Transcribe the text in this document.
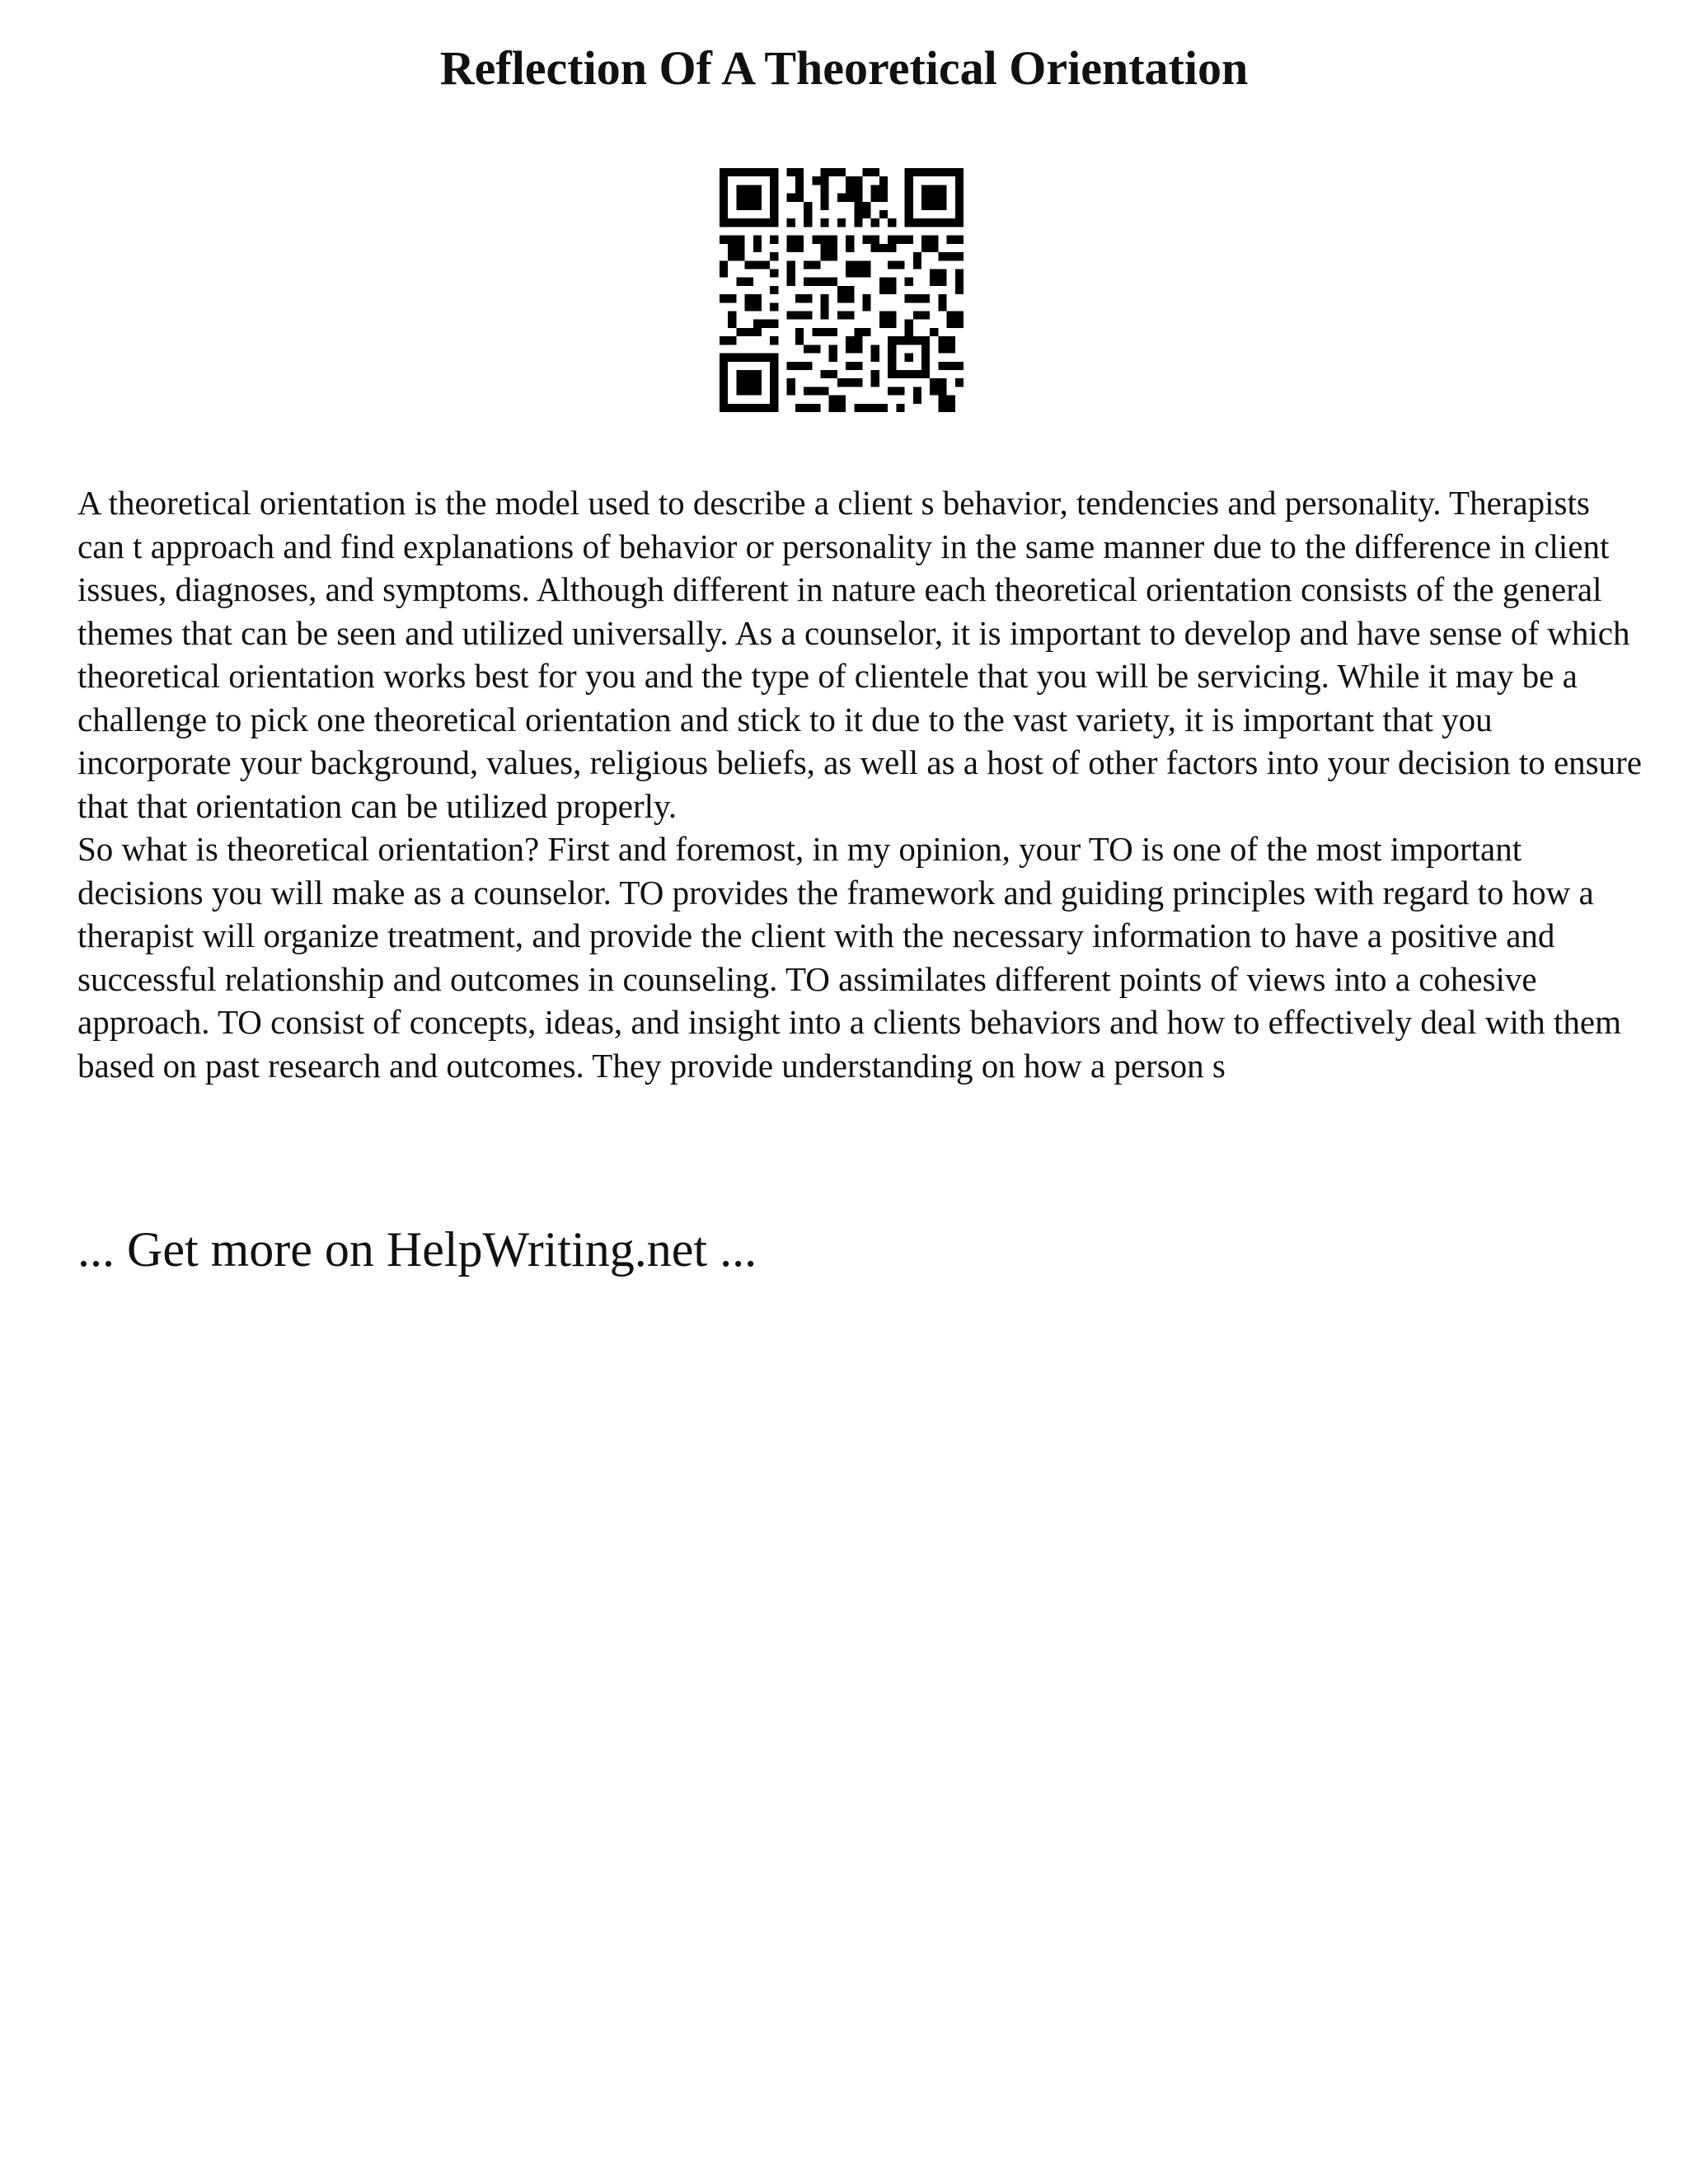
Reflection Of A Theoretical Orientation

A theoretical orientation is the model used to describe a client s behavior, tendencies and personality. Therapists can t approach and find explanations of behavior or personality in the same manner due to the difference in client issues, diagnoses, and symptoms. Although different in nature each theoretical orientation consists of the general themes that can be seen and utilized universally. As a counselor, it is important to develop and have sense of which theoretical orientation works best for you and the type of clientele that you will be servicing. While it may be a challenge to pick one theoretical orientation and stick to it due to the vast variety, it is important that you incorporate your background, values, religious beliefs, as well as a host of other factors into your decision to ensure that that orientation can be utilized properly.

So what is theoretical orientation? First and foremost, in my opinion, your TO is one of the most important decisions you will make as a counselor. TO provides the framework and guiding principles with regard to how a therapist will organize treatment, and provide the client with the necessary information to have a positive and successful relationship and outcomes in counseling. TO assimilates different points of views into a cohesive approach. TO consist of concepts, ideas, and insight into a clients behaviors and how to effectively deal with them based on past research and outcomes. They provide understanding on how a person s

... Get more on HelpWriting.net ...
